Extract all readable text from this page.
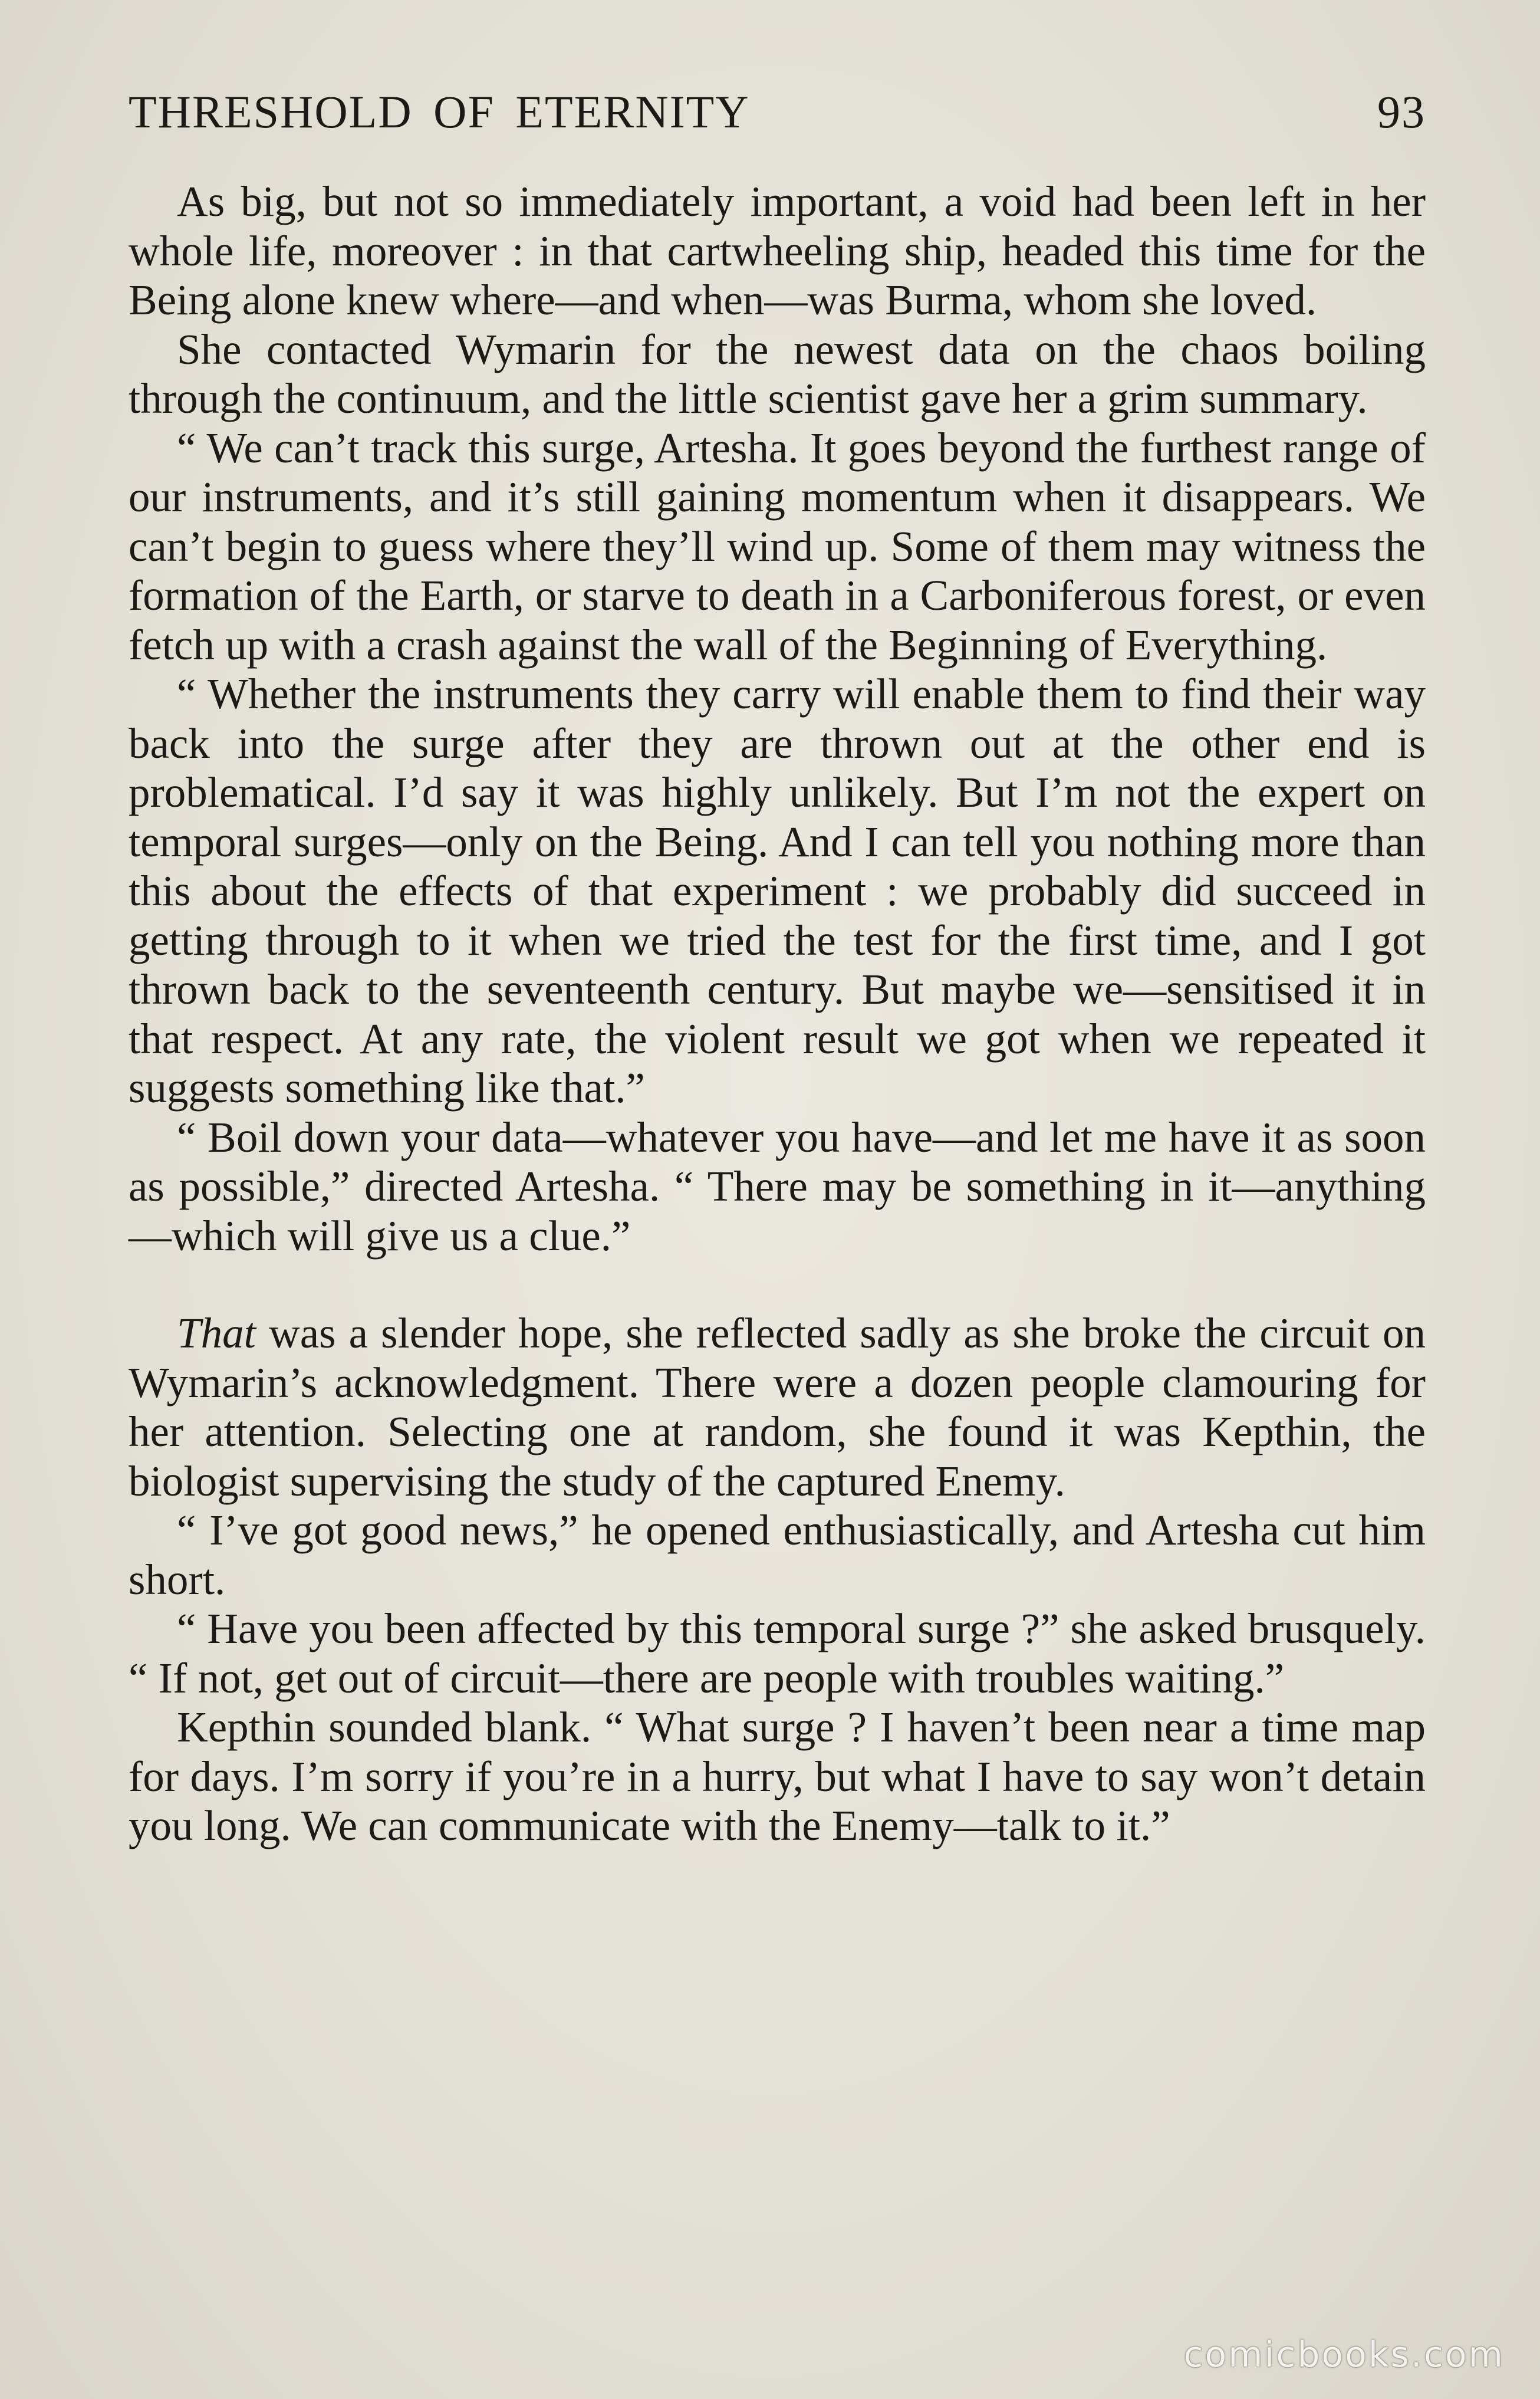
THRESHOLD OF ETERNITY	93

As big, but not so immediately important, a void had been left in her whole life, moreover : in that cartwheeling ship, headed this time for the Being alone knew where—and when—was Burma, whom she loved.

She contacted Wymarin for the newest data on the chaos boiling through the continuum, and the little scientist gave her a grim summary.

“ We can’t track this surge, Artesha. It goes beyond the furthest range of our instruments, and it’s still gaining momentum when it disappears. We can’t begin to guess where they’ll wind up. Some of them may witness the formation of the Earth, or starve to death in a Carboniferous forest, or even fetch up with a crash against the wall of the Beginning of Everything.

“ Whether the instruments they carry will enable them to find their way back into the surge after they are thrown out at the other end is problematical. I’d say it was highly unlikely. But I’m not the expert on temporal surges—only on the Being. And I can tell you nothing more than this about the effects of that experiment : we probably did succeed in getting through to it when we tried the test for the first time, and I got thrown back to the seventeenth century. But maybe we—sensitised it in that respect. At any rate, the violent result we got when we repeated it suggests something like that.”

“ Boil down your data—whatever you have—and let me have it as soon as possible,” directed Artesha. “ There may be something in it—anything—which will give us a clue.”

That was a slender hope, she reflected sadly as she broke the circuit on Wymarin’s acknowledgment. There were a dozen people clamouring for her attention. Selecting one at random, she found it was Kepthin, the biologist supervising the study of the captured Enemy.

“ I’ve got good news,” he opened enthusiastically, and Artesha cut him short.

“ Have you been affected by this temporal surge ?” she asked brusquely. “ If not, get out of circuit—there are people with troubles waiting.”

Kepthin sounded blank. “ What surge ? I haven’t been near a time map for days. I’m sorry if you’re in a hurry, but what I have to say won’t detain you long. We can communicate with the Enemy—talk to it.”

comicbooks.com
